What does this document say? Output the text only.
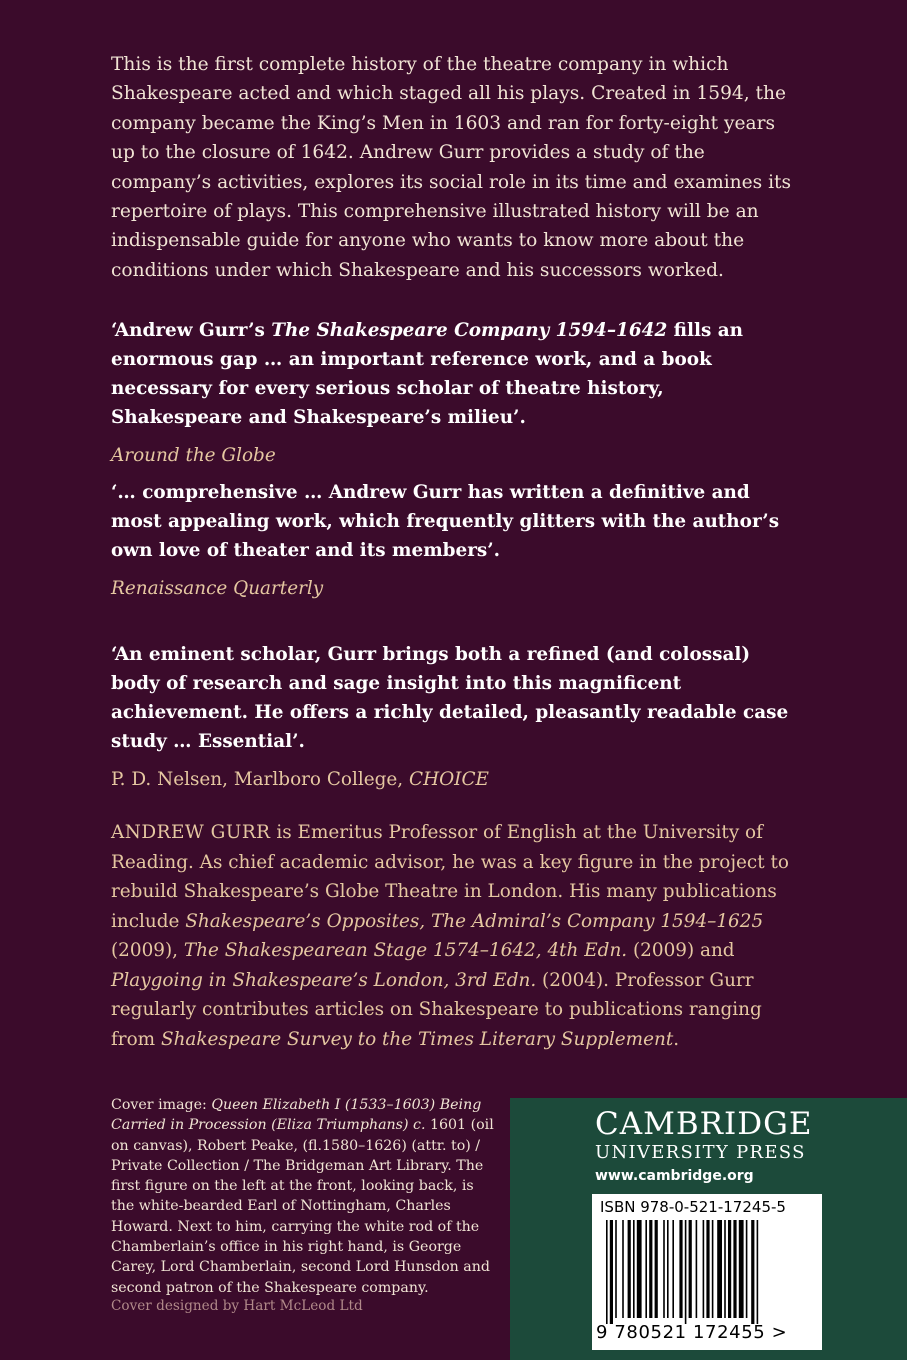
This is the first complete history of the theatre company in which Shakespeare acted and which staged all his plays. Created in 1594, the company became the King’s Men in 1603 and ran for forty-eight years up to the closure of 1642. Andrew Gurr provides a study of the company’s activities, explores its social role in its time and examines its repertoire of plays. This comprehensive illustrated history will be an indispensable guide for anyone who wants to know more about the conditions under which Shakespeare and his successors worked.

‘Andrew Gurr’s The Shakespeare Company 1594–1642 fills an enormous gap … an important reference work, and a book necessary for every serious scholar of theatre history, Shakespeare and Shakespeare’s milieu’.

Around the Globe

‘… comprehensive … Andrew Gurr has written a definitive and most appealing work, which frequently glitters with the author’s own love of theater and its members’.

Renaissance Quarterly

‘An eminent scholar, Gurr brings both a refined (and colossal) body of research and sage insight into this magnificent achievement. He offers a richly detailed, pleasantly readable case study … Essential’.

P. D. Nelsen, Marlboro College, CHOICE

ANDREW GURR is Emeritus Professor of English at the University of Reading. As chief academic advisor, he was a key figure in the project to rebuild Shakespeare’s Globe Theatre in London. His many publications include Shakespeare’s Opposites, The Admiral’s Company 1594–1625 (2009), The Shakespearean Stage 1574–1642, 4th Edn. (2009) and Playgoing in Shakespeare’s London, 3rd Edn. (2004). Professor Gurr regularly contributes articles on Shakespeare to publications ranging from Shakespeare Survey to the Times Literary Supplement.

Cover image: Queen Elizabeth I (1533–1603) Being Carried in Procession (Eliza Triumphans) c. 1601 (oil on canvas), Robert Peake, (fl.1580–1626) (attr. to) / Private Collection / The Bridgeman Art Library. The first figure on the left at the front, looking back, is the white-bearded Earl of Nottingham, Charles Howard. Next to him, carrying the white rod of the Chamberlain’s office in his right hand, is George Carey, Lord Chamberlain, second Lord Hunsdon and second patron of the Shakespeare company.

Cover designed by Hart McLeod Ltd
CAMBRIDGE
UNIVERSITY PRESS
www.cambridge.org
ISBN 978-0-521-17245-5
9 780521 172455 >
